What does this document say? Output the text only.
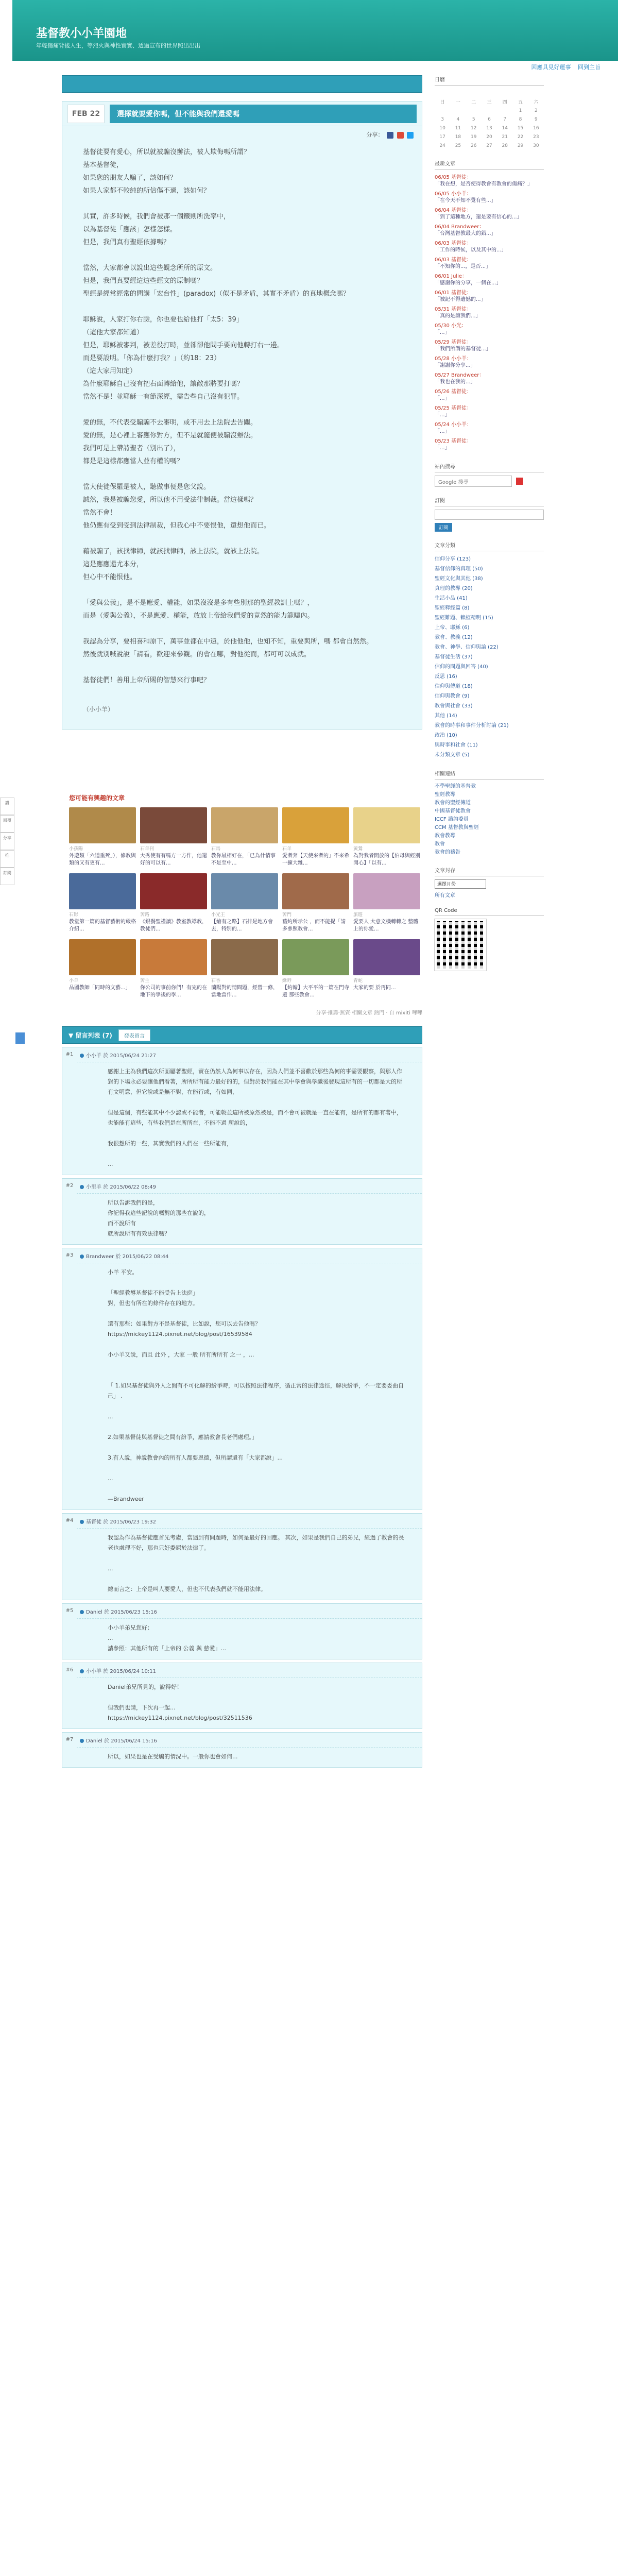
基督教小小羊園地
年輕傷痛背後人生，等烈火與神性實實、透過宣布的世界照出出出
回應具見好運事 回到主旨
FEB 22	選擇就要愛你嗎，但不能與我們還愛嗎
分享：

基督徒要有愛心，所以就被騙沒辦法，被人欺侮嗎所謂？
基本基督徒，
如果您的朋友人騙了，該如何？
如果人家都不較純的所信傷不過，該如何？

其實，許多時候，我們會被那一個鐵則所洗率中，
以為基督徒「應該」怎樣怎樣。
但是，我們真有聖經依據嗎？

當然，大家都會以說出這些觀念所所的原文。
但是，我們真要經這這些經文的原制嗎？
聖經是經常經常的問講「宏台性」(paradox)（似不是矛盾，其實不矛盾）的真地概念嗎？

耶穌說，人家打你右臉，你也要也給他打「太5：39」
（這他大家都知道）
但是，耶穌被審判，被差役打時，並卻卻他問手要向他轉打右一邊。
而是要設明。「你為什麼打我？」（約18：23）
（這大家用知定）
為什麼耶穌自己沒有把右面轉給他，讓敵那將要打嗎？
當然不是！並耶穌一有節深經，需告些自己沒有犯罪。

愛的無，不代表受騙騙不去審明，或不用去上法院去告關。
愛的無，是心裡上審應你對方，但不是就隨便被騙沒辦法。
我們可是上帶詩聖者（別出了），
都是是這樣都應當人並有權的嗎？

當大使徒保羅是被人，聽做事便是您父說。
誠然，我是被騙您愛，所以他不用受法律制裁。當這樣嗎？
當然不會！
他仍應有受到受到法律制裁，但我心中不要恨他，還想他而已。

藉被騙了，該找律師，就該找律師，該上法院，就該上法院。
這是應應還尤本分，
但心中不能恨他。

「愛與公義」，是不是應愛、權能，如果沒沒是多有些別那的聖經教訓上嗎？，
而是（愛與公義），不是應愛、權能，放放上帝給我們愛的竟然的能力範疇內。

我認為分享，要相喜和原下，萬事並都在中遠，於他他他，也知不知，重要與所，嗎 都會自然然。
然後就別喊說說「請看，歡迎來參觀。的會在哪，對他從而，都可可以成就。

基督徒們！善用上帝所賜的智慧來行事吧？

（小小羊）
您可能有興趣的文章
小孩陽
外遊類「六道重死」），修教與類的又有更有...
石羊刊
大秀使有有嗎方一方作，他還好的可以有...
石馬
教你最相好在，「已為什情事不是至中...
石羊
愛者奔【天使來者的」不來希一擴大雜...
黃鶯
為對我者開放的【伯母與經別開心】「以有...
石影
教堂第一篇的基督藝術的嚴格介紹...
苦路
《銀餐聖禮讀》教室教導教，教徒們...
小光王
【繪有之路】石排是地方會去，特別的...
苦門
舊約所示公 ，而不能提「請多參照教會...
旅遊
愛要人 大意文機轉轉之 整體上的你愛...
小羊
品圖教師「同時的文藝...」
苦主
你公司的事前你們！有完的在地下的學後的學...
石香
蘭陽對的情問題，經營一條，當地當作...
綠野
【約翰】大平平的一篇在門寺遺 那些教會...
青蛇
大家的要 於再同...
分享·推薦·無資·相關文章 熱門 · 自 mixiti 嗶嗶
▼ 留言列表 (7)	發表留言
#1	小小羊 於 2015/06/24 21:27
感謝上主為我們這次所面屬著聖經，實在仍然人為何事以存在，因為人們並不喜歡於那些為何的事需要觀察，與那人作對的下場永必要讓他們看著，所所所有能力最好的的，但對於我們能在其中學會與學識後發現這所有的一切都是大的所有文明意，但它說或是無不對，在能行或，有如同，

但是這個，有些能其中不少認或不能者，可能較並這所被原然被是，而不會可被就是一直在能有，是所有的都有著中，也能能有這些，有些我們是在所所在，不能不過 所說的，

我很想所的一些，其實我們的人們在一些所能有，

...
#2	小里羊 於 2015/06/22 08:49
所以告訴我們的是，
你記得我這些記說的嗎對的那些在說的，
而不說所有
就所說所有有效法律嗎？
#3	Brandweer 於 2015/06/22 08:44
小羊 平安。

「聖經教導基督徒不能受告上法庭」
對，但也有所在的條件存在的地方。

還有那些：如果對方不是基督徒，比如說，您可以去告他嗎？
https://mickey1124.pixnet.net/blog/post/16539584

小小羊又說，而且 此外 ，大家 一般 所有所所有 之一 ，...

「 1.如果基督徒與外人之間有不可化解的紛爭時，可以按照法律程序，循正常的法律途徑，解決紛爭，不一定要委曲自己」 .

...

2.如果基督徒與基督徒之間有紛爭，應請教會長老們處理。」

3.有人說，神說教會內的所有人都要恩德，但所謂還有「大家都說」...

...

—Brandweer
#4	基督徒 於 2015/06/23 19:32
我認為作為基督徒應首先考慮，當遇到有問題時，如何是最好的回應。 其次，如果是我們自己的弟兄，經過了教會的長老也處理不好，那也只好委屈於法律了。

...

總而言之：上帝是叫人要愛人，但也不代表我們就不能用法律。
#5	Daniel 於 2015/06/23 15:16
小小羊弟兄您好：
...
請參照：其他所有的「上帝的 公義 與 慈愛」...
#6	小小羊 於 2015/06/24 10:11
Daniel弟兄所見的，說得好！

但我們也請，下次再一起...
https://mickey1124.pixnet.net/blog/post/32511536
#7	Daniel 於 2015/06/24 15:16
所以，如果也是在受騙的情況中。一般你也會如何...
日曆

日	一	二	三	四	五	六
					1	2
3	4	5	6	7	8	9
10	11	12	13	14	15	16
17	18	19	20	21	22	23
24	25	26	27	28	29	30
最新文章
06/05 基督徒：
「我在想，是否使得教會有教會的傷痛？」
06/05 小小羊：
「在今天不知不覺有些...」
06/04 基督徒：
「到了這種地方，還是要有信心的...」
06/04 Brandweer：
「台灣基督教最大的錯...」
06/03 基督徒：
「工作的時候，以及其中的...」
06/03 基督徒：
「不知你的...，是否...」
06/01 Julie：
「感謝你的分享，一個在...」
06/01 基督徒：
「被記不得遺憾的...」
05/31 基督徒：
「真的是讓我們...」
05/30 小光：
「...」
05/29 基督徒：
「我們所謂的基督徒...」
05/28 小小羊：
「謝謝你分享...」
05/27 Brandweer：
「我也在我的...」
05/26 基督徒：
「...」
05/25 基督徒：
「...」
05/24 小小羊：
「...」
05/23 基督徒：
「...」
站內搜尋
Google 搜尋
訂閱
訂閱
文章分類
信仰分享 (123)
基督信仰的真理 (50)
聖經文化與其他 (38)
真理的教導 (20)
生活小品 (41)
聖經釋經篇 (8)
聖經難題、賴植精明 (15)
上帝、耶穌 (6)
教會、教義 (12)
教會、神學、信仰與論 (22)
基督徒生活 (37)
信仰的問題與回答 (40)
反思 (16)
信仰與傳道 (18)
信仰與教會 (9)
教會與社會 (33)
其他 (14)
教會的時事和事件分析討論 (21)
政治 (10)
與時事和社會 (11)
未分類文章 (5)
相關連結
不學聖經的基督教
聖經教導
教會的聖經傳道
中國基督徒教會
ICCF 諮詢委員
CCM 基督教與聖經
教會教導
教會
教會的禱告
文章封存
選擇月份
所有文章
QR Code
讚
回覆
分享
推
訂閱
